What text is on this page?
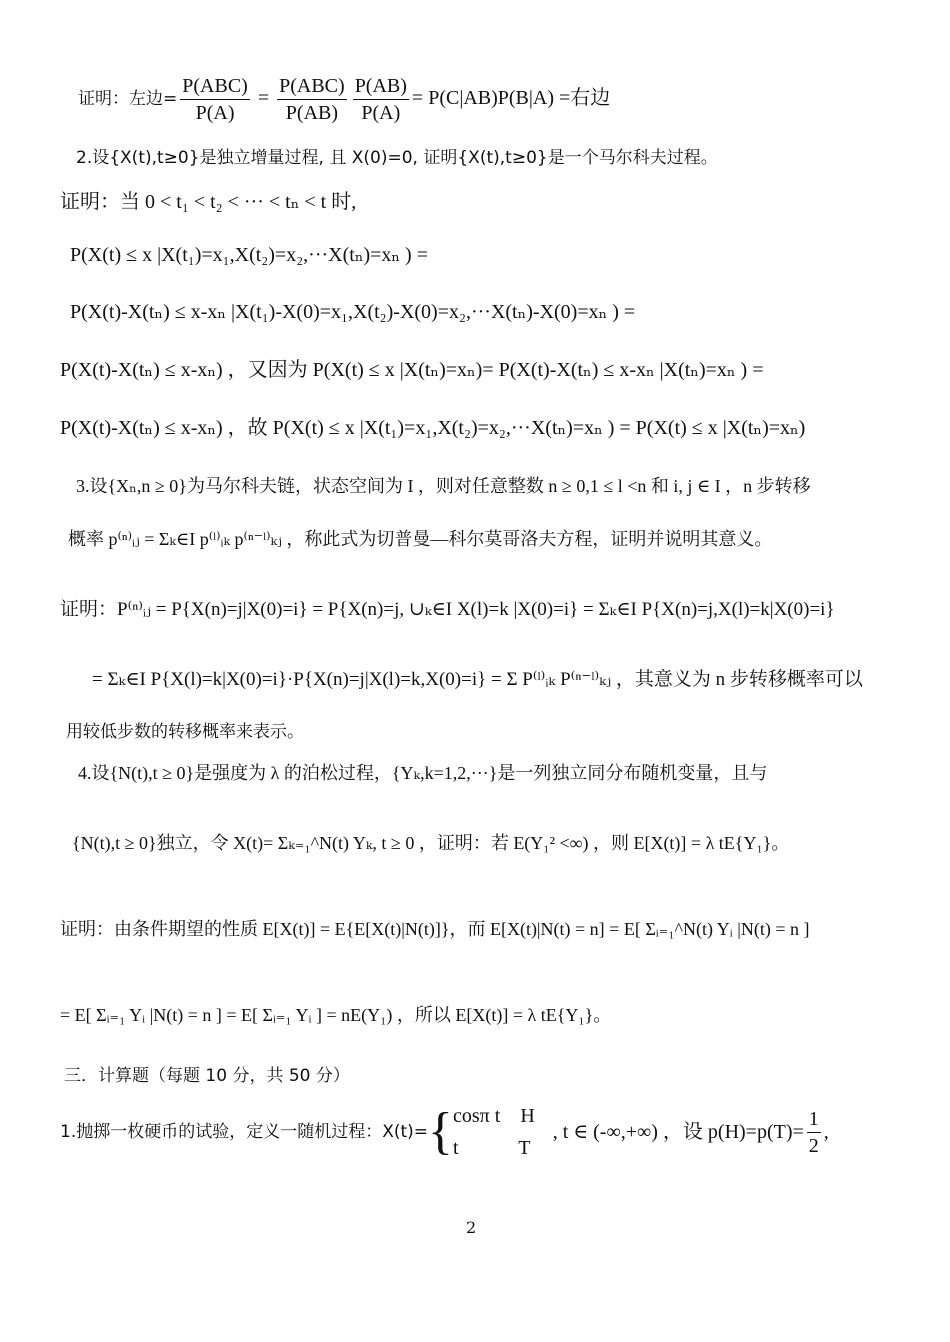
证明：左边= $\frac{\text{P(ABC)}}{P(A)} = \frac{\text{P(ABC)}}{P(AB)} \frac{P(AB)}{P(A)} = P(C|AB)P(B|A)$ =右边
2.设{X(t),t≥0}是独立增量过程, 且 X(0)=0, 证明{X(t),t≥0}是一个马尔科夫过程。
证明：当 0 < t₁ < t₂ < ··· < tₙ < t 时,
P(X(t) ≤ x |X(t₁)=x₁,X(t₂)=x₂,···X(tₙ)=xₙ ) =
P(X(t)-X(tₙ) ≤ x-xₙ |X(t₁)-X(0)=x₁,X(t₂)-X(0)=x₂,···X(tₙ)-X(0)=xₙ ) =
P(X(t)-X(tₙ) ≤ x-xₙ) ，又因为 P(X(t) ≤ x |X(tₙ)=xₙ)= P(X(t)-X(tₙ) ≤ x-xₙ |X(tₙ)=xₙ ) =
P(X(t)-X(tₙ) ≤ x-xₙ) ，故 P(X(t) ≤ x |X(t₁)=x₁,X(t₂)=x₂,···X(tₙ)=xₙ ) = P(X(t) ≤ x |X(tₙ)=xₙ)
3.设{Xₙ,n ≥ 0}为马尔科夫链，状态空间为 I ，则对任意整数 n ≥ 0,1 ≤ l <n 和 i, j ∈ I ，n 步转移
概率 p⁽ⁿ⁾ᵢⱼ = Σₖ∈I p⁽ˡ⁾ᵢₖ p⁽ⁿ⁻ˡ⁾ₖⱼ ，称此式为切普曼—科尔莫哥洛夫方程，证明并说明其意义。
证明：P⁽ⁿ⁾ᵢⱼ = P{X(n)=j|X(0)=i} = P{X(n)=j, ∪ₖ∈I X(l)=k |X(0)=i} = Σₖ∈I P{X(n)=j,X(l)=k|X(0)=i}
= Σₖ∈I P{X(l)=k|X(0)=i}·P{X(n)=j|X(l)=k,X(0)=i} = Σ P⁽ˡ⁾ᵢₖ P⁽ⁿ⁻ˡ⁾ₖⱼ ，其意义为 n 步转移概率可以
用较低步数的转移概率来表示。
4.设{N(t),t ≥ 0}是强度为 λ 的泊松过程，{Yₖ,k=1,2,···}是一列独立同分布随机变量，且与
{N(t),t ≥ 0}独立，令 X(t)= Σₖ₌₁^N(t) Yₖ, t ≥ 0 ，证明：若 E(Y₁² <∞) ，则 E[X(t)] = λ tE{Y₁}。
证明：由条件期望的性质 E[X(t)] = E{E[X(t)|N(t)]}，而 E[X(t)|N(t) = n] = E[ Σᵢ₌₁^N(t) Yᵢ |N(t) = n ]
= E[ Σᵢ₌₁ Yᵢ |N(t) = n ] = E[ Σᵢ₌₁ Yᵢ ] = nE(Y₁) ，所以 E[X(t)] = λ tE{Y₁}。
三．计算题（每题 10 分，共 50 分）
1.抛掷一枚硬币的试验，定义一随机过程：X(t)= { cosπ t    H
t            T
, t ∈ (-∞,+∞) ，设 $p(H)=p(T)= \frac{1}{2}$ ,
2
